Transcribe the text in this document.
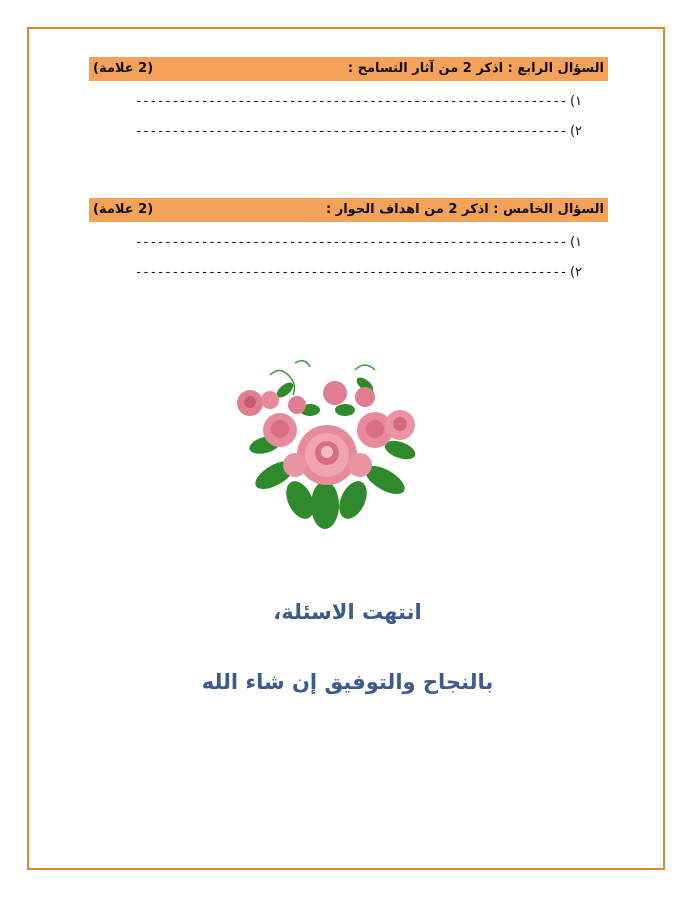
السؤال الرابع : اذكر 2 من آثار التسامح :
(2 علامة)
١)-----------------------------------------------------------
٢)-----------------------------------------------------------
السؤال الخامس : اذكر 2 من اهداف الحوار :
(2 علامة)
١)-----------------------------------------------------------
٢)-----------------------------------------------------------
انتهت الاسئلة،
بالنجاح والتوفيق إن شاء الله
